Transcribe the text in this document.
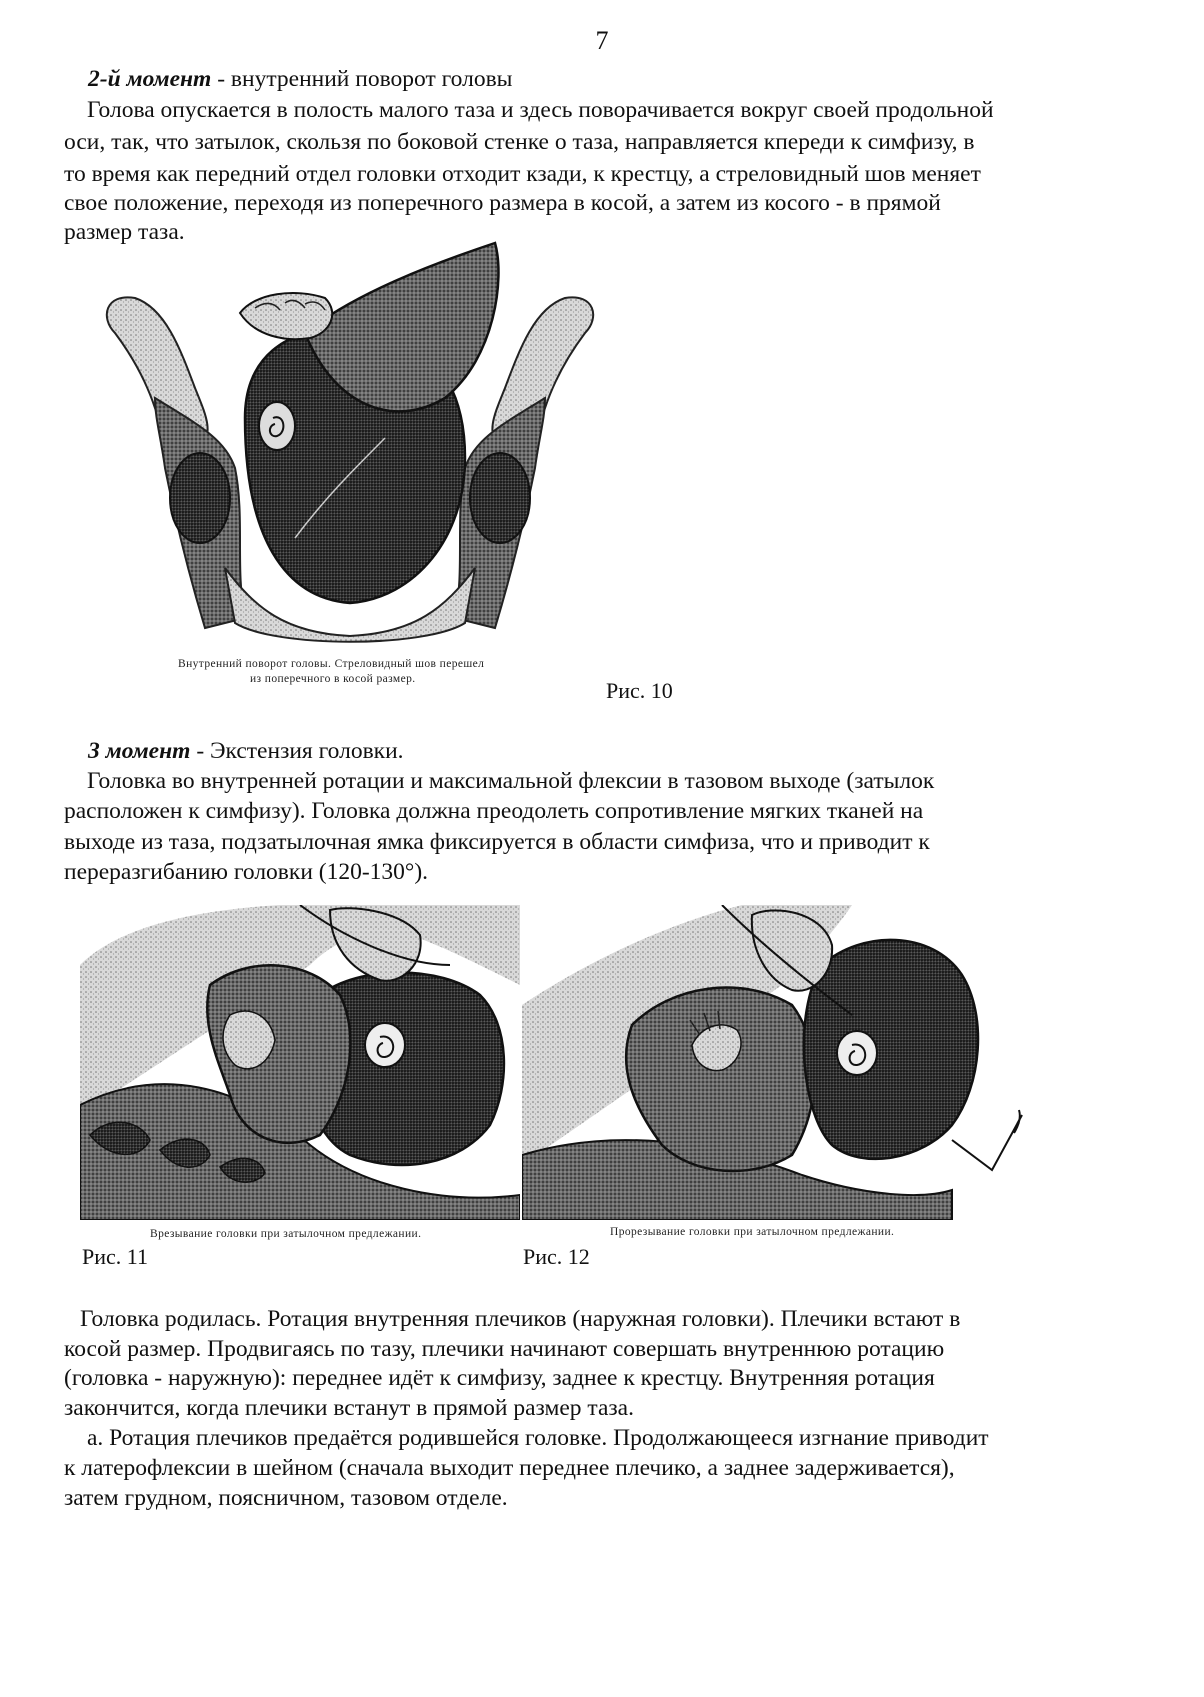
7
2-й момент - внутренний поворот головы
Голова опускается в полость малого таза и здесь поворачивается вокруг своей продольной
оси, так, что затылок, скользя по боковой стенке о таза, направляется кпереди к симфизу, в
то время как передний отдел головки отходит кзади, к крестцу, а стреловидный шов меняет
свое положение, переходя из поперечного размера в косой, а затем из косого - в прямой
размер таза.
Внутренний поворот головы. Стреловидный шов перешел
из поперечного в косой размер.	Рис. 10
3 момент - Экстензия головки.
Головка во внутренней ротации и максимальной флексии в тазовом выходе (затылок
расположен к симфизу). Головка должна преодолеть сопротивление мягких тканей на
выходе из таза, подзатылочная ямка фиксируется в области симфиза, что и приводит к
переразгибанию головки (120-130°).
Врезывание головки при затылочном предлежании.	Прорезывание головки при затылочном предлежании.
Рис. 11	Рис. 12
Головка родилась. Ротация внутренняя плечиков (наружная головки). Плечики встают в
косой размер. Продвигаясь по тазу, плечики начинают совершать внутреннюю ротацию
(головка - наружную): переднее идёт к симфизу, заднее к крестцу. Внутренняя ротация
закончится, когда плечики встанут в прямой размер таза.
а. Ротация плечиков предаётся родившейся головке. Продолжающееся изгнание приводит
к латерофлексии в шейном (сначала выходит переднее плечико, а заднее задерживается),
затем грудном, поясничном, тазовом отделе.
